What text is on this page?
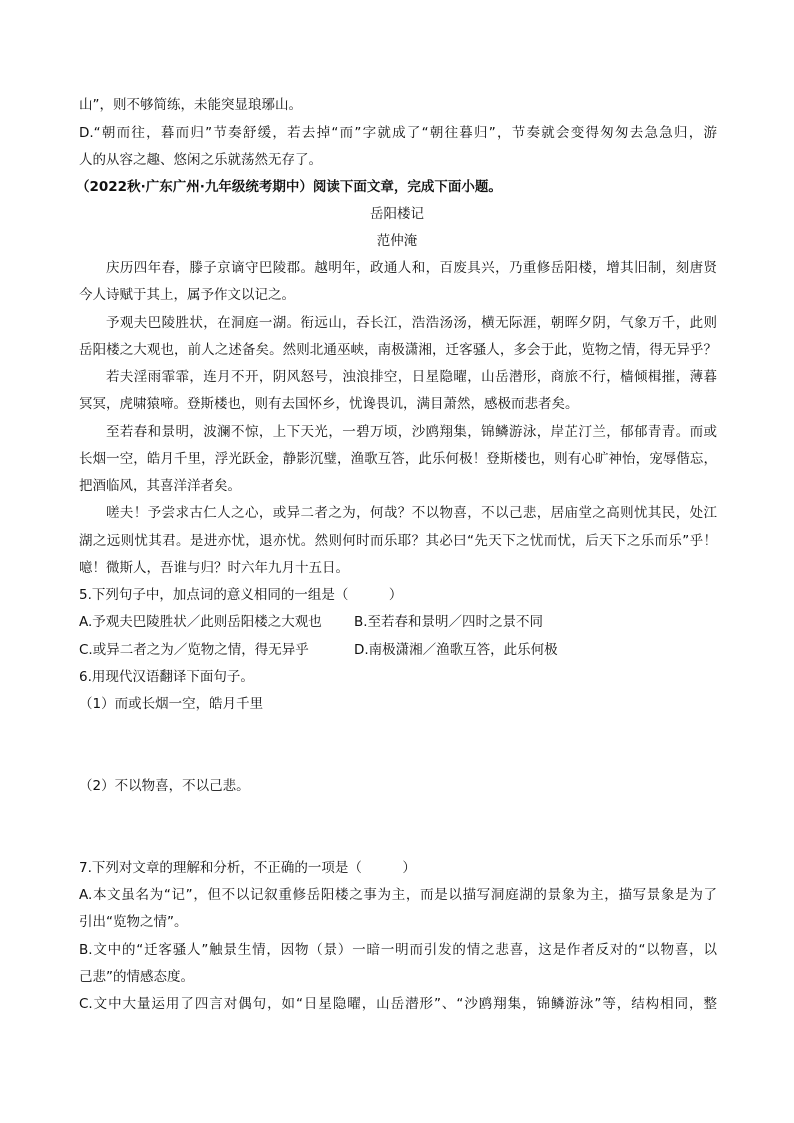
山”，则不够简练，未能突显琅琊山。
D.“朝而往，暮而归”节奏舒缓，若去掉“而”字就成了“朝往暮归”，节奏就会变得匆匆去急急归，游
人的从容之趣、悠闲之乐就荡然无存了。
（2022秋·广东广州·九年级统考期中）阅读下面文章，完成下面小题。
岳阳楼记
范仲淹
庆历四年春，滕子京谪守巴陵郡。越明年，政通人和，百废具兴，乃重修岳阳楼，增其旧制，刻唐贤
今人诗赋于其上，属予作文以记之。
予观夫巴陵胜状，在洞庭一湖。衔远山，吞长江，浩浩汤汤，横无际涯，朝晖夕阴，气象万千，此则
岳阳楼之大观也，前人之述备矣。然则北通巫峡，南极潇湘，迁客骚人，多会于此，览物之情，得无异乎？
若夫淫雨霏霏，连月不开，阴风怒号，浊浪排空，日星隐曜，山岳潜形，商旅不行，樯倾楫摧，薄暮
冥冥，虎啸猿啼。登斯楼也，则有去国怀乡，忧谗畏讥，满目萧然，感极而悲者矣。
至若春和景明，波澜不惊，上下天光，一碧万顷，沙鸥翔集，锦鳞游泳，岸芷汀兰，郁郁青青。而或
长烟一空，皓月千里，浮光跃金，静影沉璧，渔歌互答，此乐何极！登斯楼也，则有心旷神怡，宠辱偕忘，
把酒临风，其喜洋洋者矣。
嗟夫！予尝求古仁人之心，或异二者之为，何哉？不以物喜，不以己悲，居庙堂之高则忧其民，处江
湖之远则忧其君。是进亦忧，退亦忧。然则何时而乐耶？其必曰“先天下之忧而忧，后天下之乐而乐”乎！
噫！微斯人，吾谁与归？时六年九月十五日。
5.下列句子中，加点词的意义相同的一组是（　　　）
A.予观夫巴陵胜状／此则岳阳楼之大观也	B.至若春和景明／四时之景不同
C.或异二者之为／览物之情，得无异乎	D.南极潇湘／渔歌互答，此乐何极
6.用现代汉语翻译下面句子。
（1）而或长烟一空，皓月千里
（2）不以物喜，不以己悲。
7.下列对文章的理解和分析，不正确的一项是（　　　）
A.本文虽名为“记”，但不以记叙重修岳阳楼之事为主，而是以描写洞庭湖的景象为主，描写景象是为了
引出“览物之情”。
B.文中的“迁客骚人”触景生情，因物（景）一暗一明而引发的情之悲喜，这是作者反对的“以物喜，以
己悲”的情感态度。
C.文中大量运用了四言对偶句，如“日星隐曜，山岳潜形”、“沙鸥翔集，锦鳞游泳”等，结构相同，整
